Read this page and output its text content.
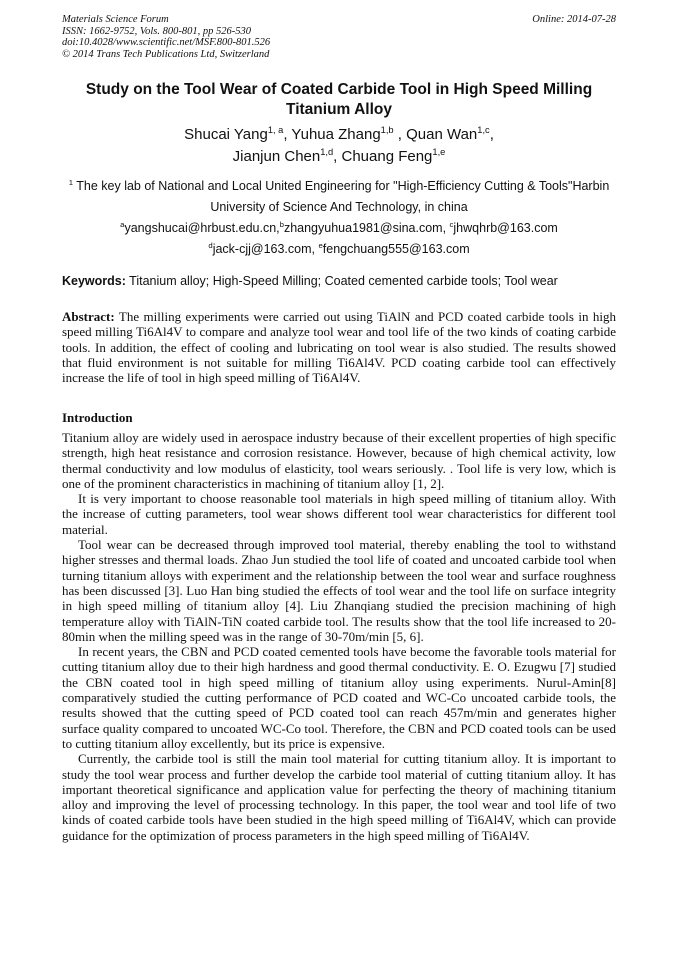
Materials Science Forum
ISSN: 1662-9752, Vols. 800-801, pp 526-530
doi:10.4028/www.scientific.net/MSF.800-801.526
© 2014 Trans Tech Publications Ltd, Switzerland
Online: 2014-07-28
Study on the Tool Wear of Coated Carbide Tool in High Speed Milling
Titanium Alloy
Shucai Yang$^{1, a}$, Yuhua Zhang$^{1,b}$ , Quan Wan$^{1,c}$,
Jianjun Chen$^{1,d}$, Chuang Feng$^{1,e}$
$^1$ The key lab of National and Local United Engineering for "High-Efficiency Cutting & Tools"Harbin
University of Science And Technology, in china
$^a$yangshucai@hrbust.edu.cn,$^b$zhangyuhua1981@sina.com, $^c$jhwqhrb@163.com
$^d$jack-cjj@163.com, $^e$fengchuang555@163.com
Keywords: Titanium alloy; High-Speed Milling; Coated cemented carbide tools; Tool wear
Abstract: The milling experiments were carried out using TiAlN and PCD coated carbide tools in high speed milling Ti6Al4V to compare and analyze tool wear and tool life of the two kinds of coating carbide tools. In addition, the effect of cooling and lubricating on tool wear is also studied. The results showed that fluid environment is not suitable for milling Ti6Al4V. PCD coating carbide tool can effectively increase the life of tool in high speed milling of Ti6Al4V.
Introduction

Titanium alloy are widely used in aerospace industry because of their excellent properties of high specific strength, high heat resistance and corrosion resistance. However, because of high chemical activity, low thermal conductivity and low modulus of elasticity, tool wears seriously. . Tool life is very low, which is one of the prominent characteristics in machining of titanium alloy [1, 2].

It is very important to choose reasonable tool materials in high speed milling of titanium alloy. With the increase of cutting parameters, tool wear shows different tool wear characteristics for different tool material.

Tool wear can be decreased through improved tool material, thereby enabling the tool to withstand higher stresses and thermal loads. Zhao Jun studied the tool life of coated and uncoated carbide tool when turning titanium alloys with experiment and the relationship between the tool wear and surface roughness has been discussed [3]. Luo Han bing studied the effects of tool wear and the tool life on surface integrity in high speed milling of titanium alloy [4]. Liu Zhanqiang studied the precision machining of high temperature alloy with TiAlN-TiN coated carbide tool. The results show that the tool life increased to 20-80min when the milling speed was in the range of 30-70m/min [5, 6].

In recent years, the CBN and PCD coated cemented tools have become the favorable tools material for cutting titanium alloy due to their high hardness and good thermal conductivity. E. O. Ezugwu [7] studied the CBN coated tool in high speed milling of titanium alloy using experiments. Nurul-Amin[8] comparatively studied the cutting performance of PCD coated and WC-Co uncoated carbide tools, the results showed that the cutting speed of PCD coated tool can reach 457m/min and generates higher surface quality compared to uncoated WC-Co tool. Therefore, the CBN and PCD coated tools can be used to cutting titanium alloy excellently, but its price is expensive.

Currently, the carbide tool is still the main tool material for cutting titanium alloy. It is important to study the tool wear process and further develop the carbide tool material of cutting titanium alloy. It has important theoretical significance and application value for perfecting the theory of machining titanium alloy and improving the level of processing technology. In this paper, the tool wear and tool life of two kinds of coated carbide tools have been studied in the high speed milling of Ti6Al4V, which can provide guidance for the optimization of process parameters in the high speed milling of Ti6Al4V.
